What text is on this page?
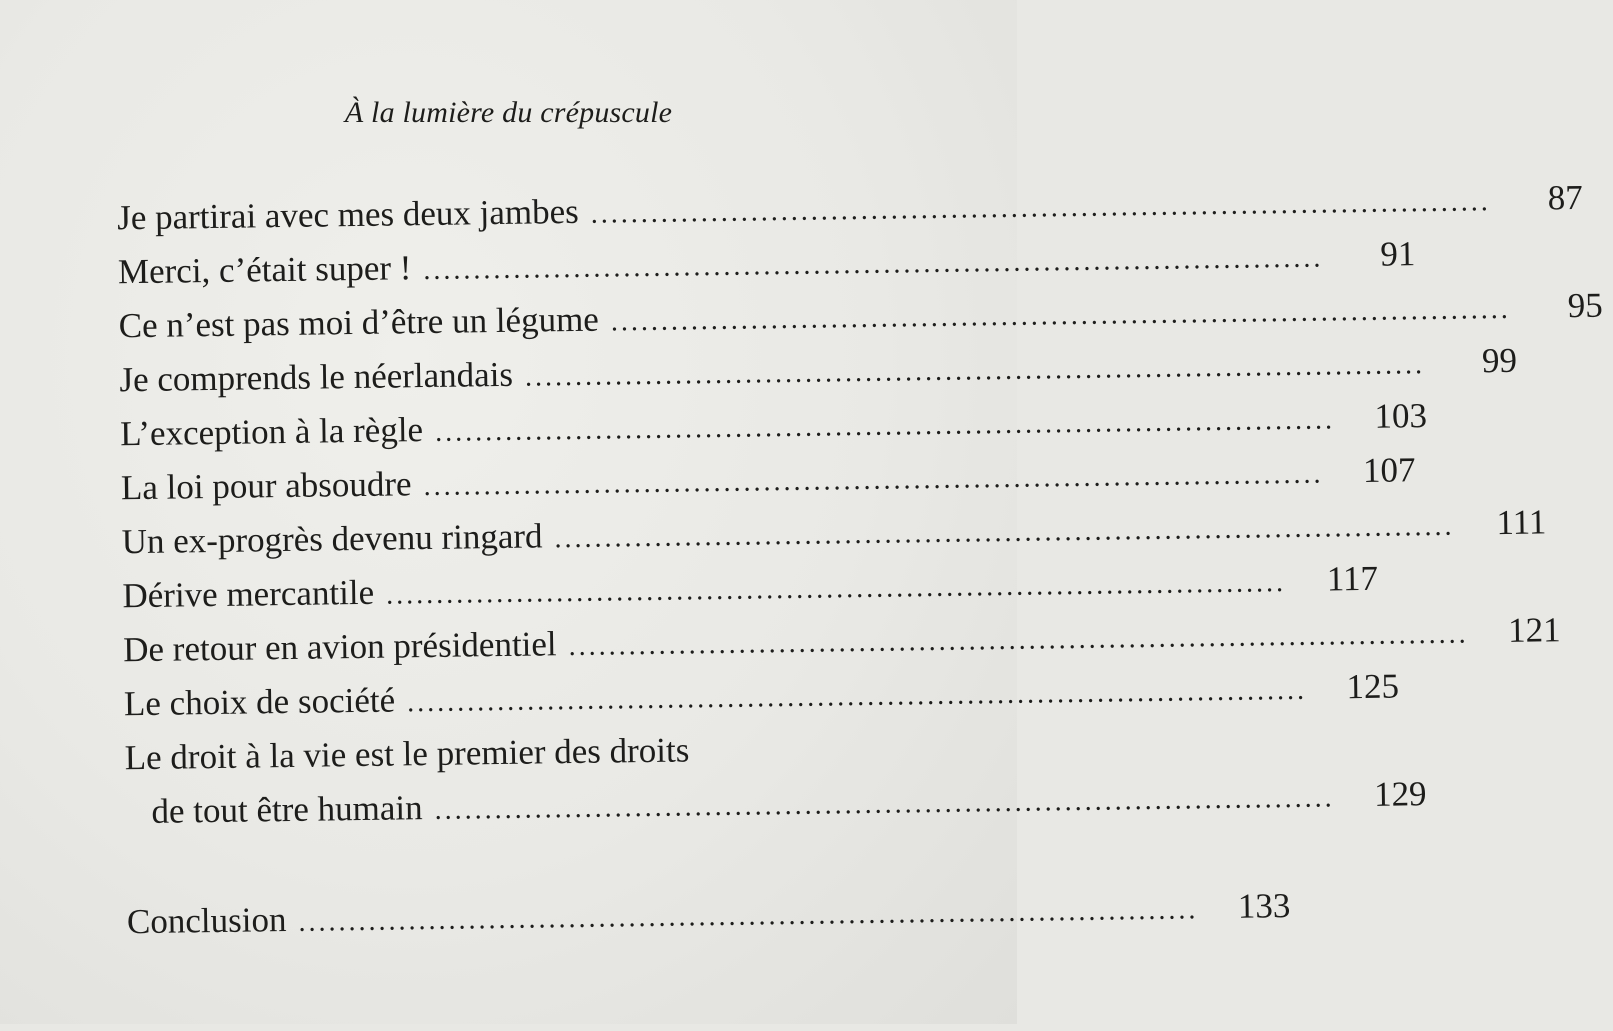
À la lumière du crépuscule
Je partirai avec mes deux jambes ..........................................................................................	87
Merci, c’était super ! ..........................................................................................	91
Ce n’est pas moi d’être un légume ..........................................................................................	95
Je comprends le néerlandais ..........................................................................................	99
L’exception à la règle ..........................................................................................	103
La loi pour absoudre ..........................................................................................	107
Un ex-progrès devenu ringard ..........................................................................................	111
Dérive mercantile ..........................................................................................	117
De retour en avion présidentiel ..........................................................................................	121
Le choix de société ..........................................................................................	125
Le droit à la vie est le premier des droits
de tout être humain ..........................................................................................	129
Conclusion ..........................................................................................	133
